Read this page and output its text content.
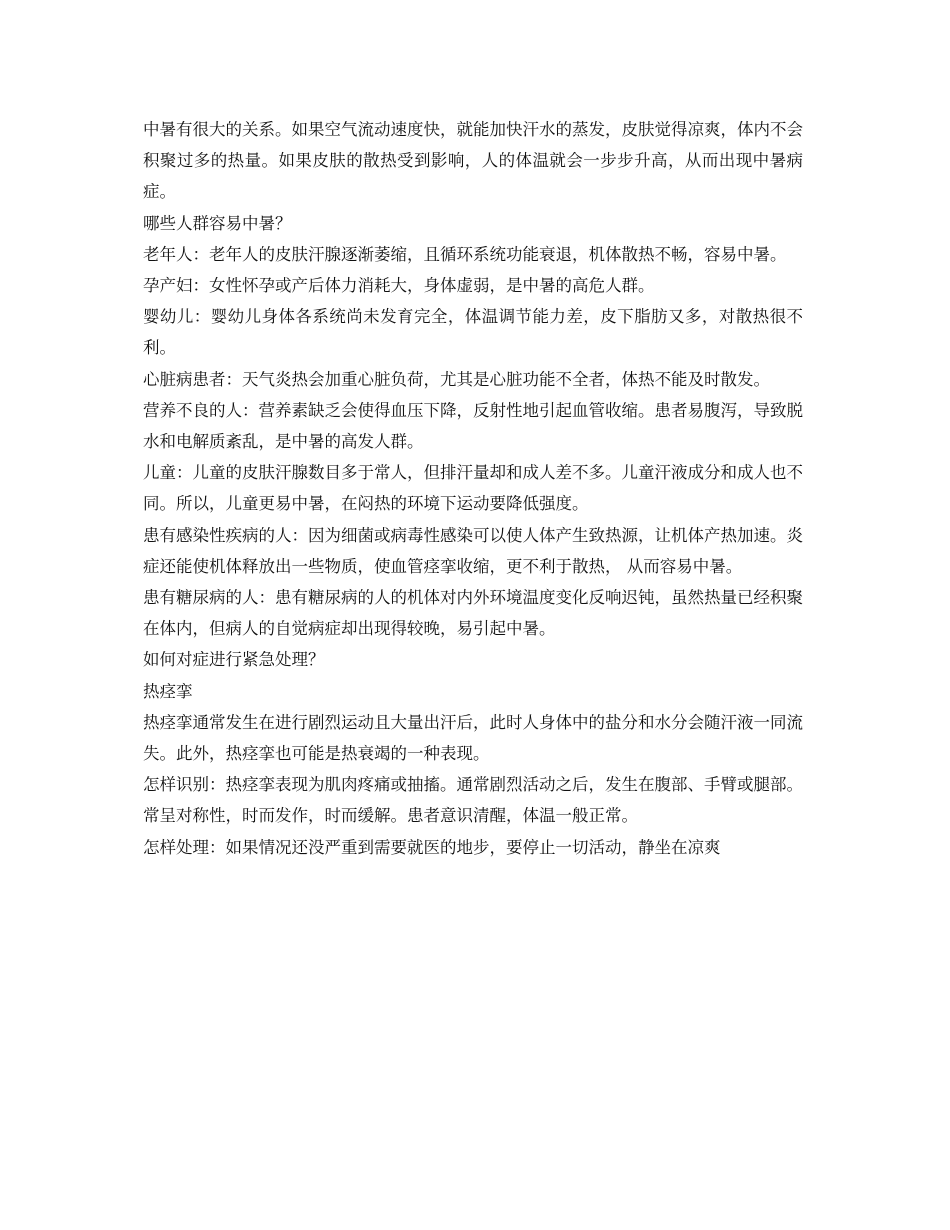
中暑有很大的关系。如果空气流动速度快，就能加快汗水的蒸发，皮肤觉得凉爽，体内不会积聚过多的热量。如果皮肤的散热受到影响，人的体温就会一步步升高，从而出现中暑病症。

哪些人群容易中暑？

老年人：老年人的皮肤汗腺逐渐萎缩，且循环系统功能衰退，机体散热不畅，容易中暑。

孕产妇：女性怀孕或产后体力消耗大，身体虚弱，是中暑的高危人群。

婴幼儿：婴幼儿身体各系统尚未发育完全，体温调节能力差，皮下脂肪又多，对散热很不利。

心脏病患者：天气炎热会加重心脏负荷，尤其是心脏功能不全者，体热不能及时散发。

营养不良的人：营养素缺乏会使得血压下降，反射性地引起血管收缩。患者易腹泻，导致脱水和电解质紊乱，是中暑的高发人群。

儿童：儿童的皮肤汗腺数目多于常人，但排汗量却和成人差不多。儿童汗液成分和成人也不同。所以，儿童更易中暑，在闷热的环境下运动要降低强度。

患有感染性疾病的人：因为细菌或病毒性感染可以使人体产生致热源，让机体产热加速。炎症还能使机体释放出一些物质，使血管痉挛收缩，更不利于散热， 从而容易中暑。

患有糖尿病的人：患有糖尿病的人的机体对内外环境温度变化反响迟钝，虽然热量已经积聚在体内，但病人的自觉病症却出现得较晚，易引起中暑。

如何对症进行紧急处理？

热痉挛

热痉挛通常发生在进行剧烈运动且大量出汗后，此时人身体中的盐分和水分会随汗液一同流失。此外，热痉挛也可能是热衰竭的一种表现。

怎样识别：热痉挛表现为肌肉疼痛或抽搐。通常剧烈活动之后，发生在腹部、手臂或腿部。常呈对称性，时而发作，时而缓解。患者意识清醒，体温一般正常。

怎样处理：如果情况还没严重到需要就医的地步，要停止一切活动，静坐在凉爽
